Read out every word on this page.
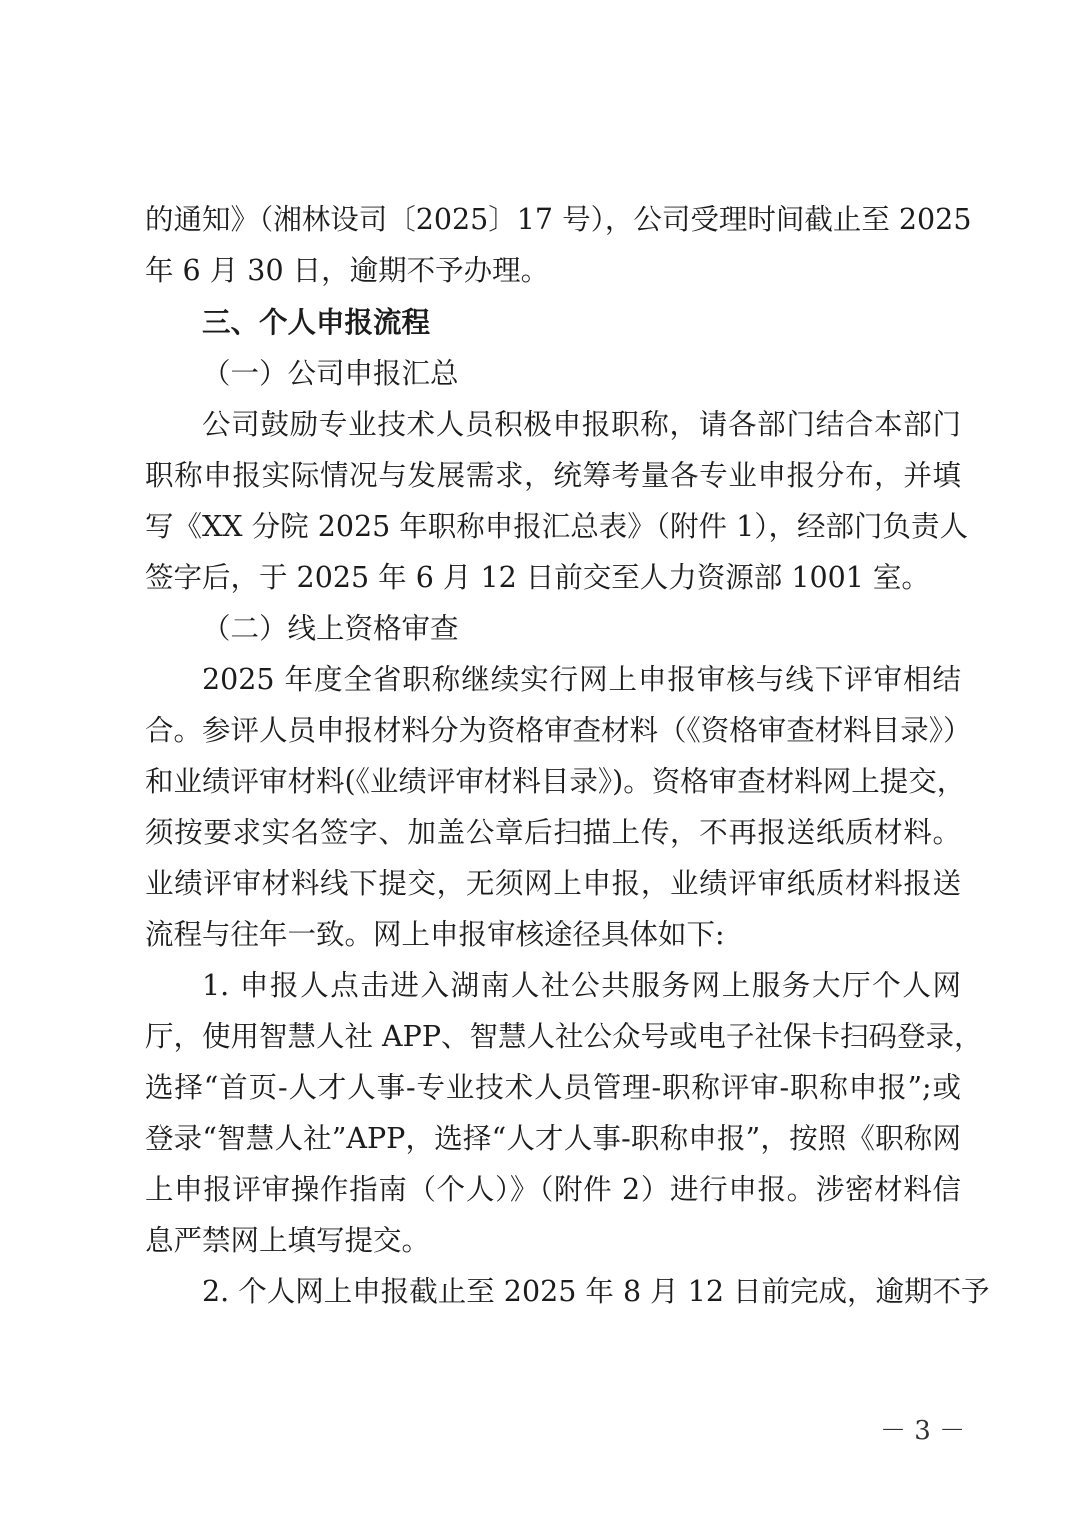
的通知》（湘林设司〔2025〕17 号），公司受理时间截止至 2025
年 6 月 30 日，逾期不予办理。
三、个人申报流程
（一）公司申报汇总
公司鼓励专业技术人员积极申报职称，请各部门结合本部门
职称申报实际情况与发展需求，统筹考量各专业申报分布，并填
写《XX 分院 2025 年职称申报汇总表》（附件 1），经部门负责人
签字后，于 2025 年 6 月 12 日前交至人力资源部 1001 室。
（二）线上资格审查
2025 年度全省职称继续实行网上申报审核与线下评审相结
合。参评人员申报材料分为资格审查材料（《资格审查材料目录》）
和业绩评审材料(《业绩评审材料目录》)。资格审查材料网上提交，
须按要求实名签字、加盖公章后扫描上传，不再报送纸质材料。
业绩评审材料线下提交，无须网上申报，业绩评审纸质材料报送
流程与往年一致。网上申报审核途径具体如下:
1. 申报人点击进入湖南人社公共服务网上服务大厅个人网
厅，使用智慧人社 APP、智慧人社公众号或电子社保卡扫码登录，
选择“首页-人才人事-专业技术人员管理-职称评审-职称申报”;或
登录“智慧人社”APP，选择“人才人事-职称申报”，按照《职称网
上申报评审操作指南（个人）》（附件 2）进行申报。涉密材料信
息严禁网上填写提交。
2. 个人网上申报截止至 2025 年 8 月 12 日前完成，逾期不予
－ 3 －
